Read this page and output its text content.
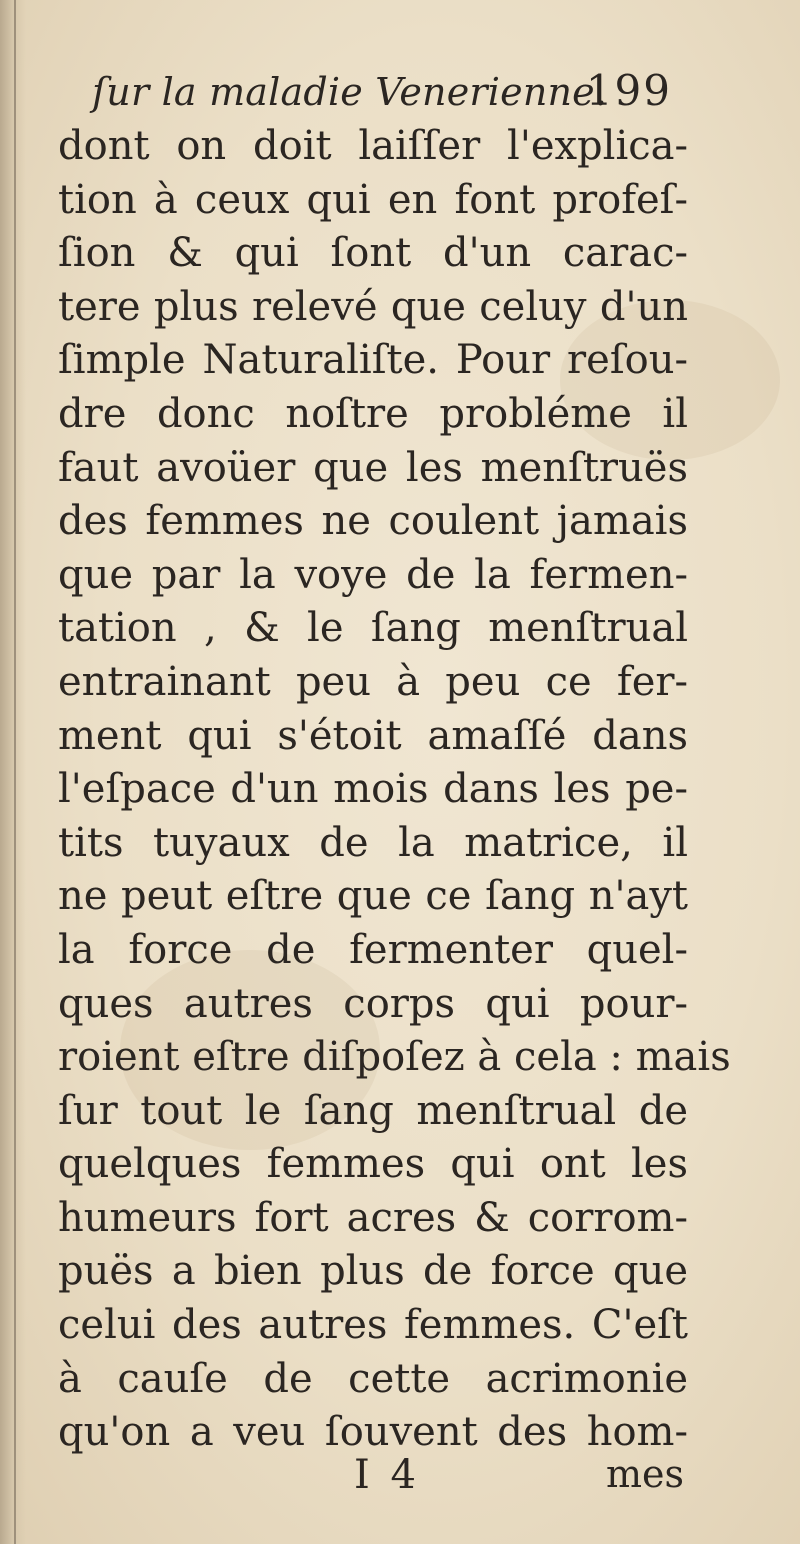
ſur la maladie Venerienne.
199
dont on doit laiſſer l'explica-
tion à ceux qui en font profeſ-
ſion & qui ſont d'un carac-
tere plus relevé que celuy d'un
ſimple Naturaliſte. Pour reſou-
dre donc noſtre probléme il
faut avoüer que les menſtruës
des femmes ne coulent jamais
que par la voye de la fermen-
tation , & le ſang menſtrual
entrainant peu à peu ce fer-
ment qui s'étoit amaſſé dans
l'eſpace d'un mois dans les pe-
tits tuyaux de la matrice, il
ne peut eſtre que ce ſang n'ayt
la force de fermenter quel-
ques autres corps qui pour-
roient eſtre diſpoſez à cela : mais
ſur tout le ſang menſtrual de
quelques femmes qui ont les
humeurs fort acres & corrom-
puës a bien plus de force que
celui des autres femmes. C'eſt
à cauſe de cette acrimonie
qu'on a veu ſouvent des hom-
I 4	mes
